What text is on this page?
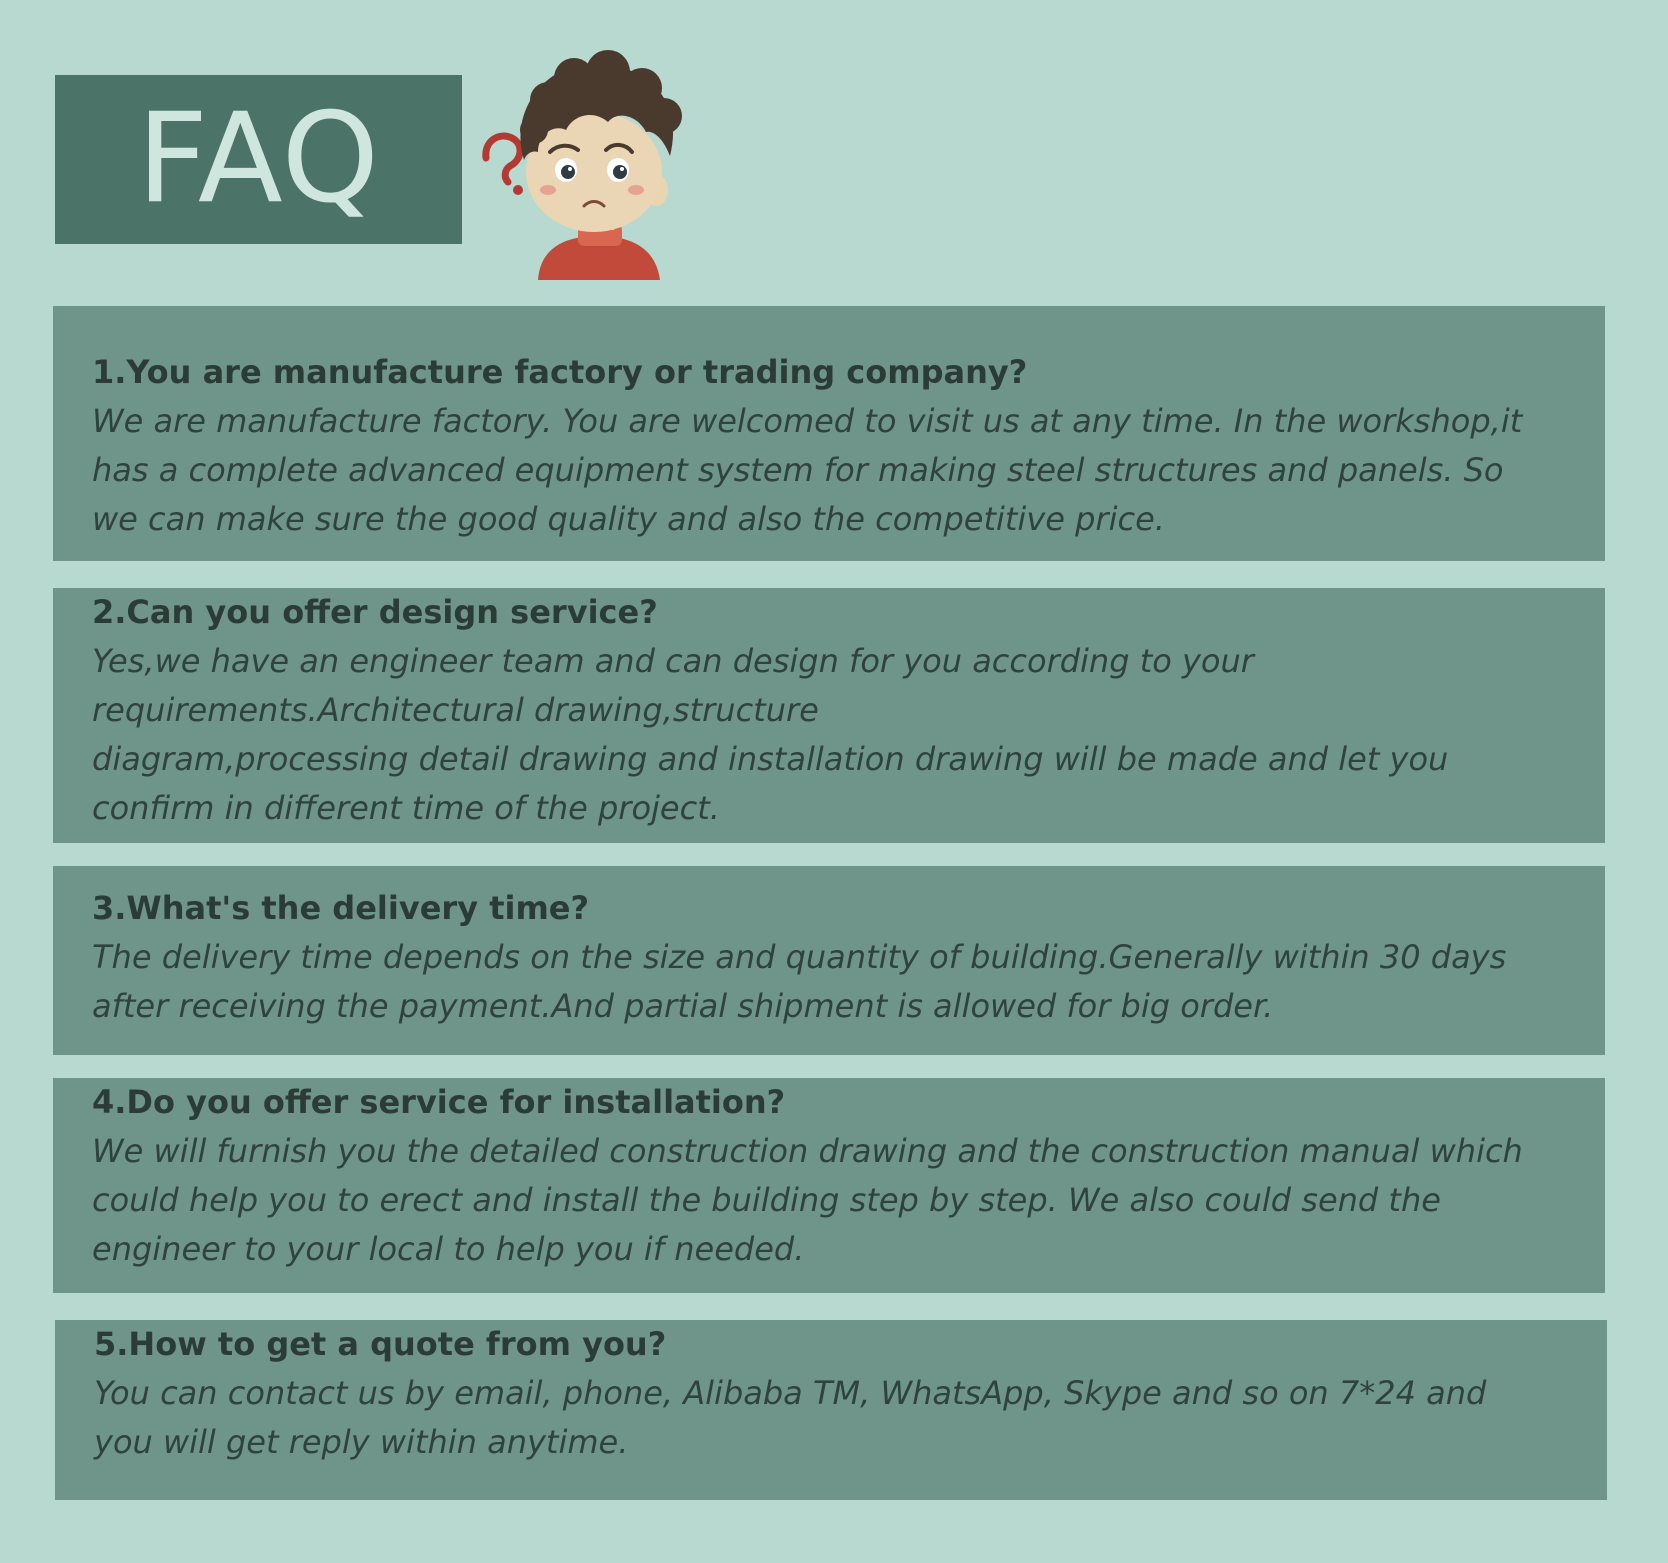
FAQ

1.You are manufacture factory or trading company?

We are manufacture factory. You are welcomed to visit us at any time. In the workshop,it
has a complete advanced equipment system for making steel structures and panels. So
we can make sure the good quality and also the competitive price.

2.Can you offer design service?

Yes,we have an engineer team and can design for you according to your
requirements.Architectural drawing,structure
diagram,processing detail drawing and installation drawing will be made and let you
confirm in different time of the project.

3.What's the delivery time?

The delivery time depends on the size and quantity of building.Generally within 30 days
after receiving the payment.And partial shipment is allowed for big order.

4.Do you offer service for installation?

We will furnish you the detailed construction drawing and the construction manual which
could help you to erect and install the building step by step. We also could send the
engineer to your local to help you if needed.

5.How to get a quote from you?

You can contact us by email, phone, Alibaba TM, WhatsApp, Skype and so on 7*24 and
you will get reply within anytime.
